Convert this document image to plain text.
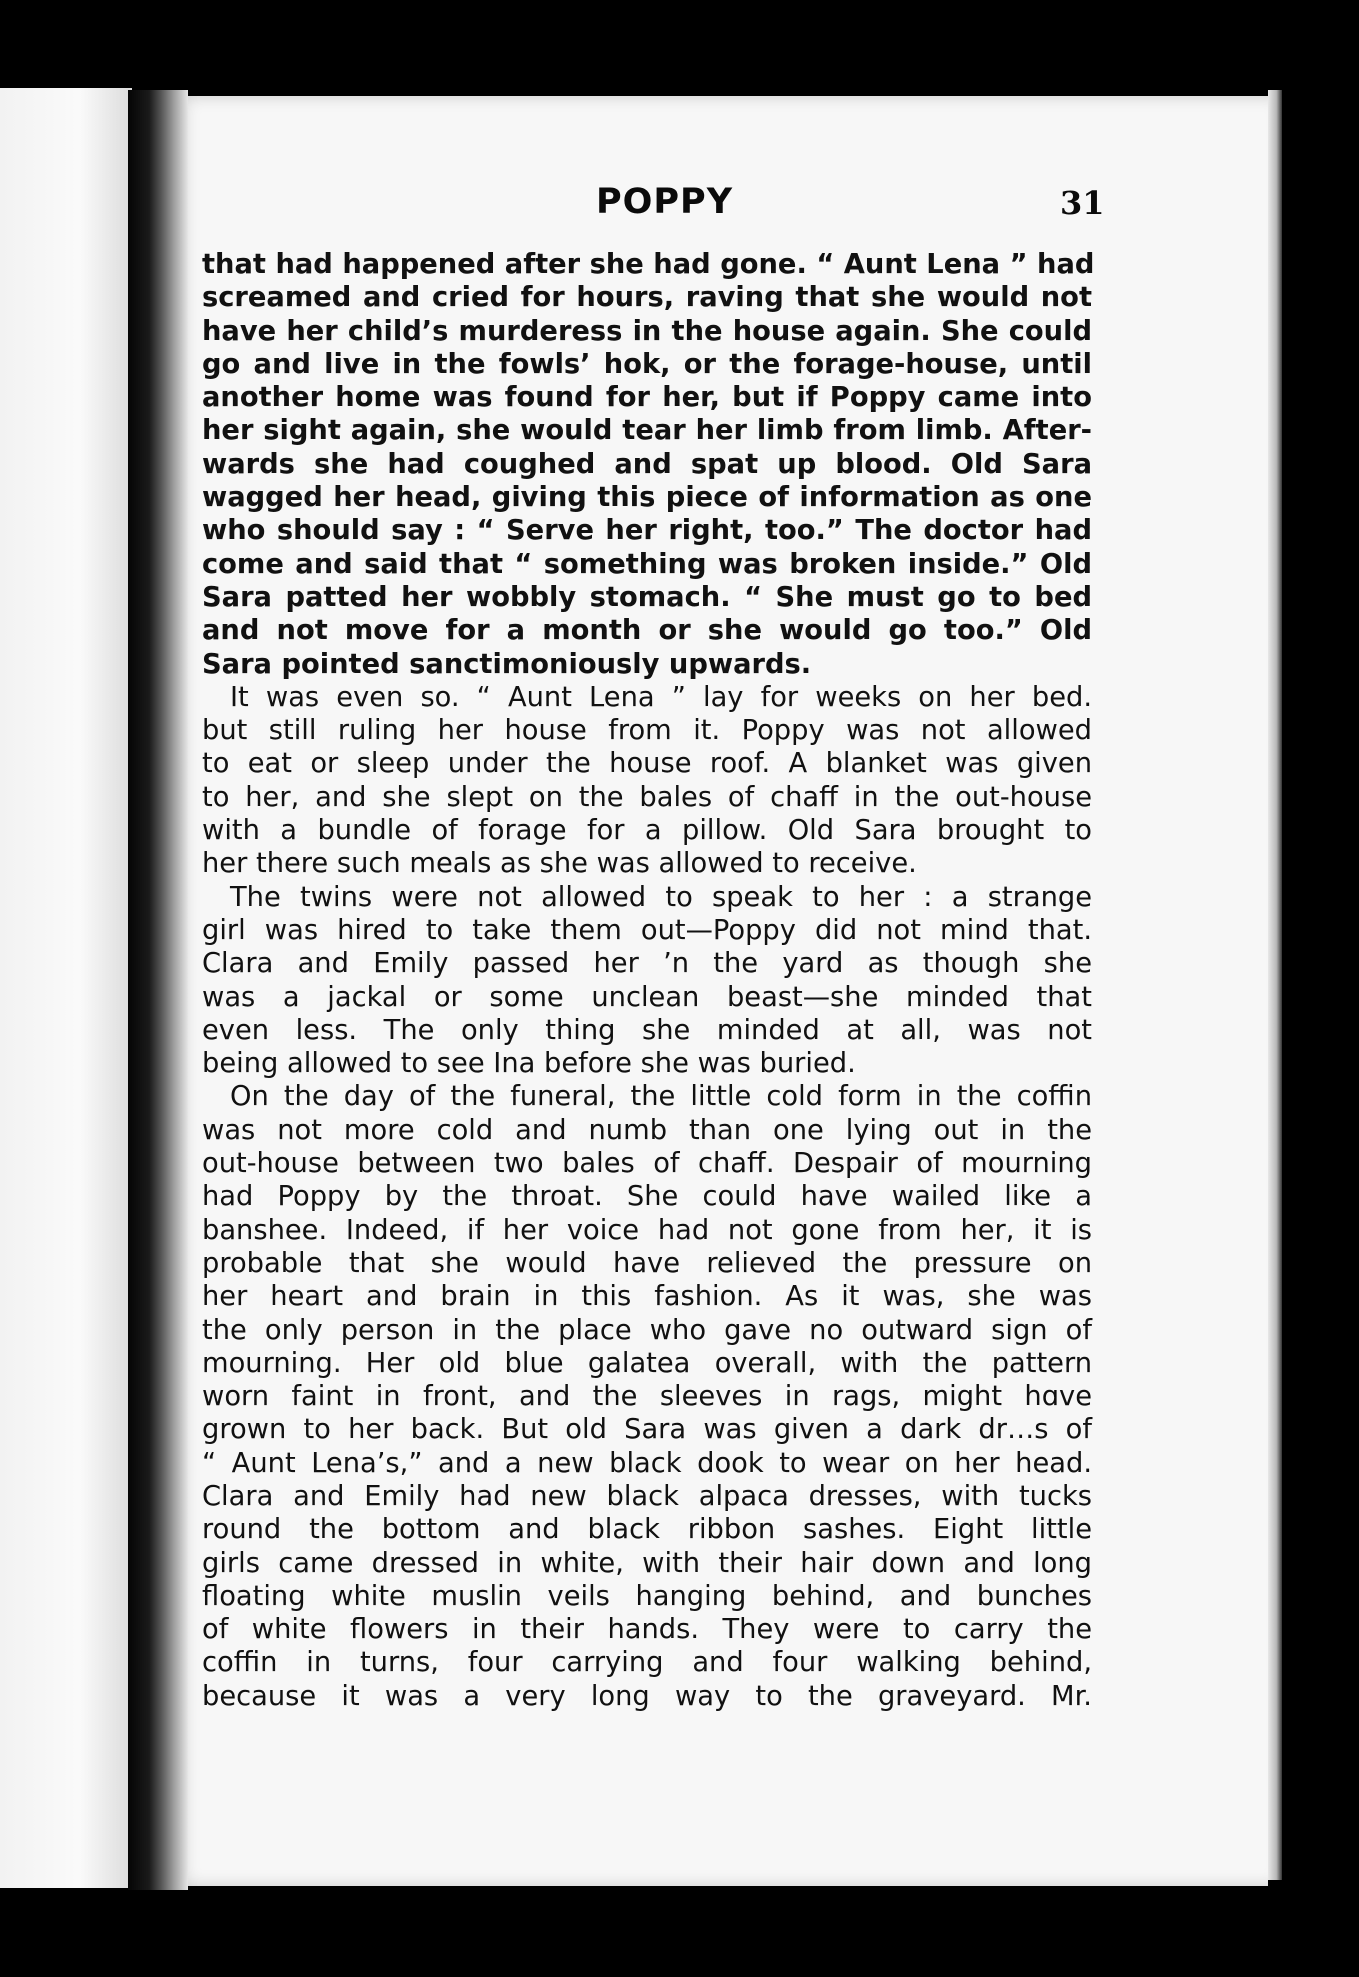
POPPY	31
that had happened after she had gone. “ Aunt Lena ” had
screamed and cried for hours, raving that she would not
have her child’s murderess in the house again. She could
go and live in the fowls’ hok, or the forage-house, until
another home was found for her, but if Poppy came into
her sight again, she would tear her limb from limb. After-
wards she had coughed and spat up blood. Old Sara
wagged her head, giving this piece of information as one
who should say : “ Serve her right, too.” The doctor had
come and said that “ something was broken inside.” Old
Sara patted her wobbly stomach. “ She must go to bed
and not move for a month or she would go too.” Old
Sara pointed sanctimoniously upwards.
It was even so. “ Aunt Lena ” lay for weeks on her bed.
but still ruling her house from it. Poppy was not allowed
to eat or sleep under the house roof. A blanket was given
to her, and she slept on the bales of chaff in the out-house
with a bundle of forage for a pillow. Old Sara brought to
her there such meals as she was allowed to receive.
The twins were not allowed to speak to her : a strange
girl was hired to take them out—Poppy did not mind that.
Clara and Emily passed her ’n the yard as though she
was a jackal or some unclean beast—she minded that
even less. The only thing she minded at all, was not
being allowed to see Ina before she was buried.
On the day of the funeral, the little cold form in the coffin
was not more cold and numb than one lying out in the
out-house between two bales of chaff. Despair of mourning
had Poppy by the throat. She could have wailed like a
banshee. Indeed, if her voice had not gone from her, it is
probable that she would have relieved the pressure on
her heart and brain in this fashion. As it was, she was
the only person in the place who gave no outward sign of
mourning. Her old blue galatea overall, with the pattern
worn faint in front, and the sleeves in rags, might hɑve
grown to her back. But old Sara was given a dark dr…s of
“ Aunt Lena’s,” and a new black dook to wear on her head.
Clara and Emily had new black alpaca dresses, with tucks
round the bottom and black ribbon sashes. Eight little
girls came dressed in white, with their hair down and long
floating white muslin veils hanging behind, and bunches
of white flowers in their hands. They were to carry the
coffin in turns, four carrying and four walking behind,
because it was a very long way to the graveyard. Mr.
